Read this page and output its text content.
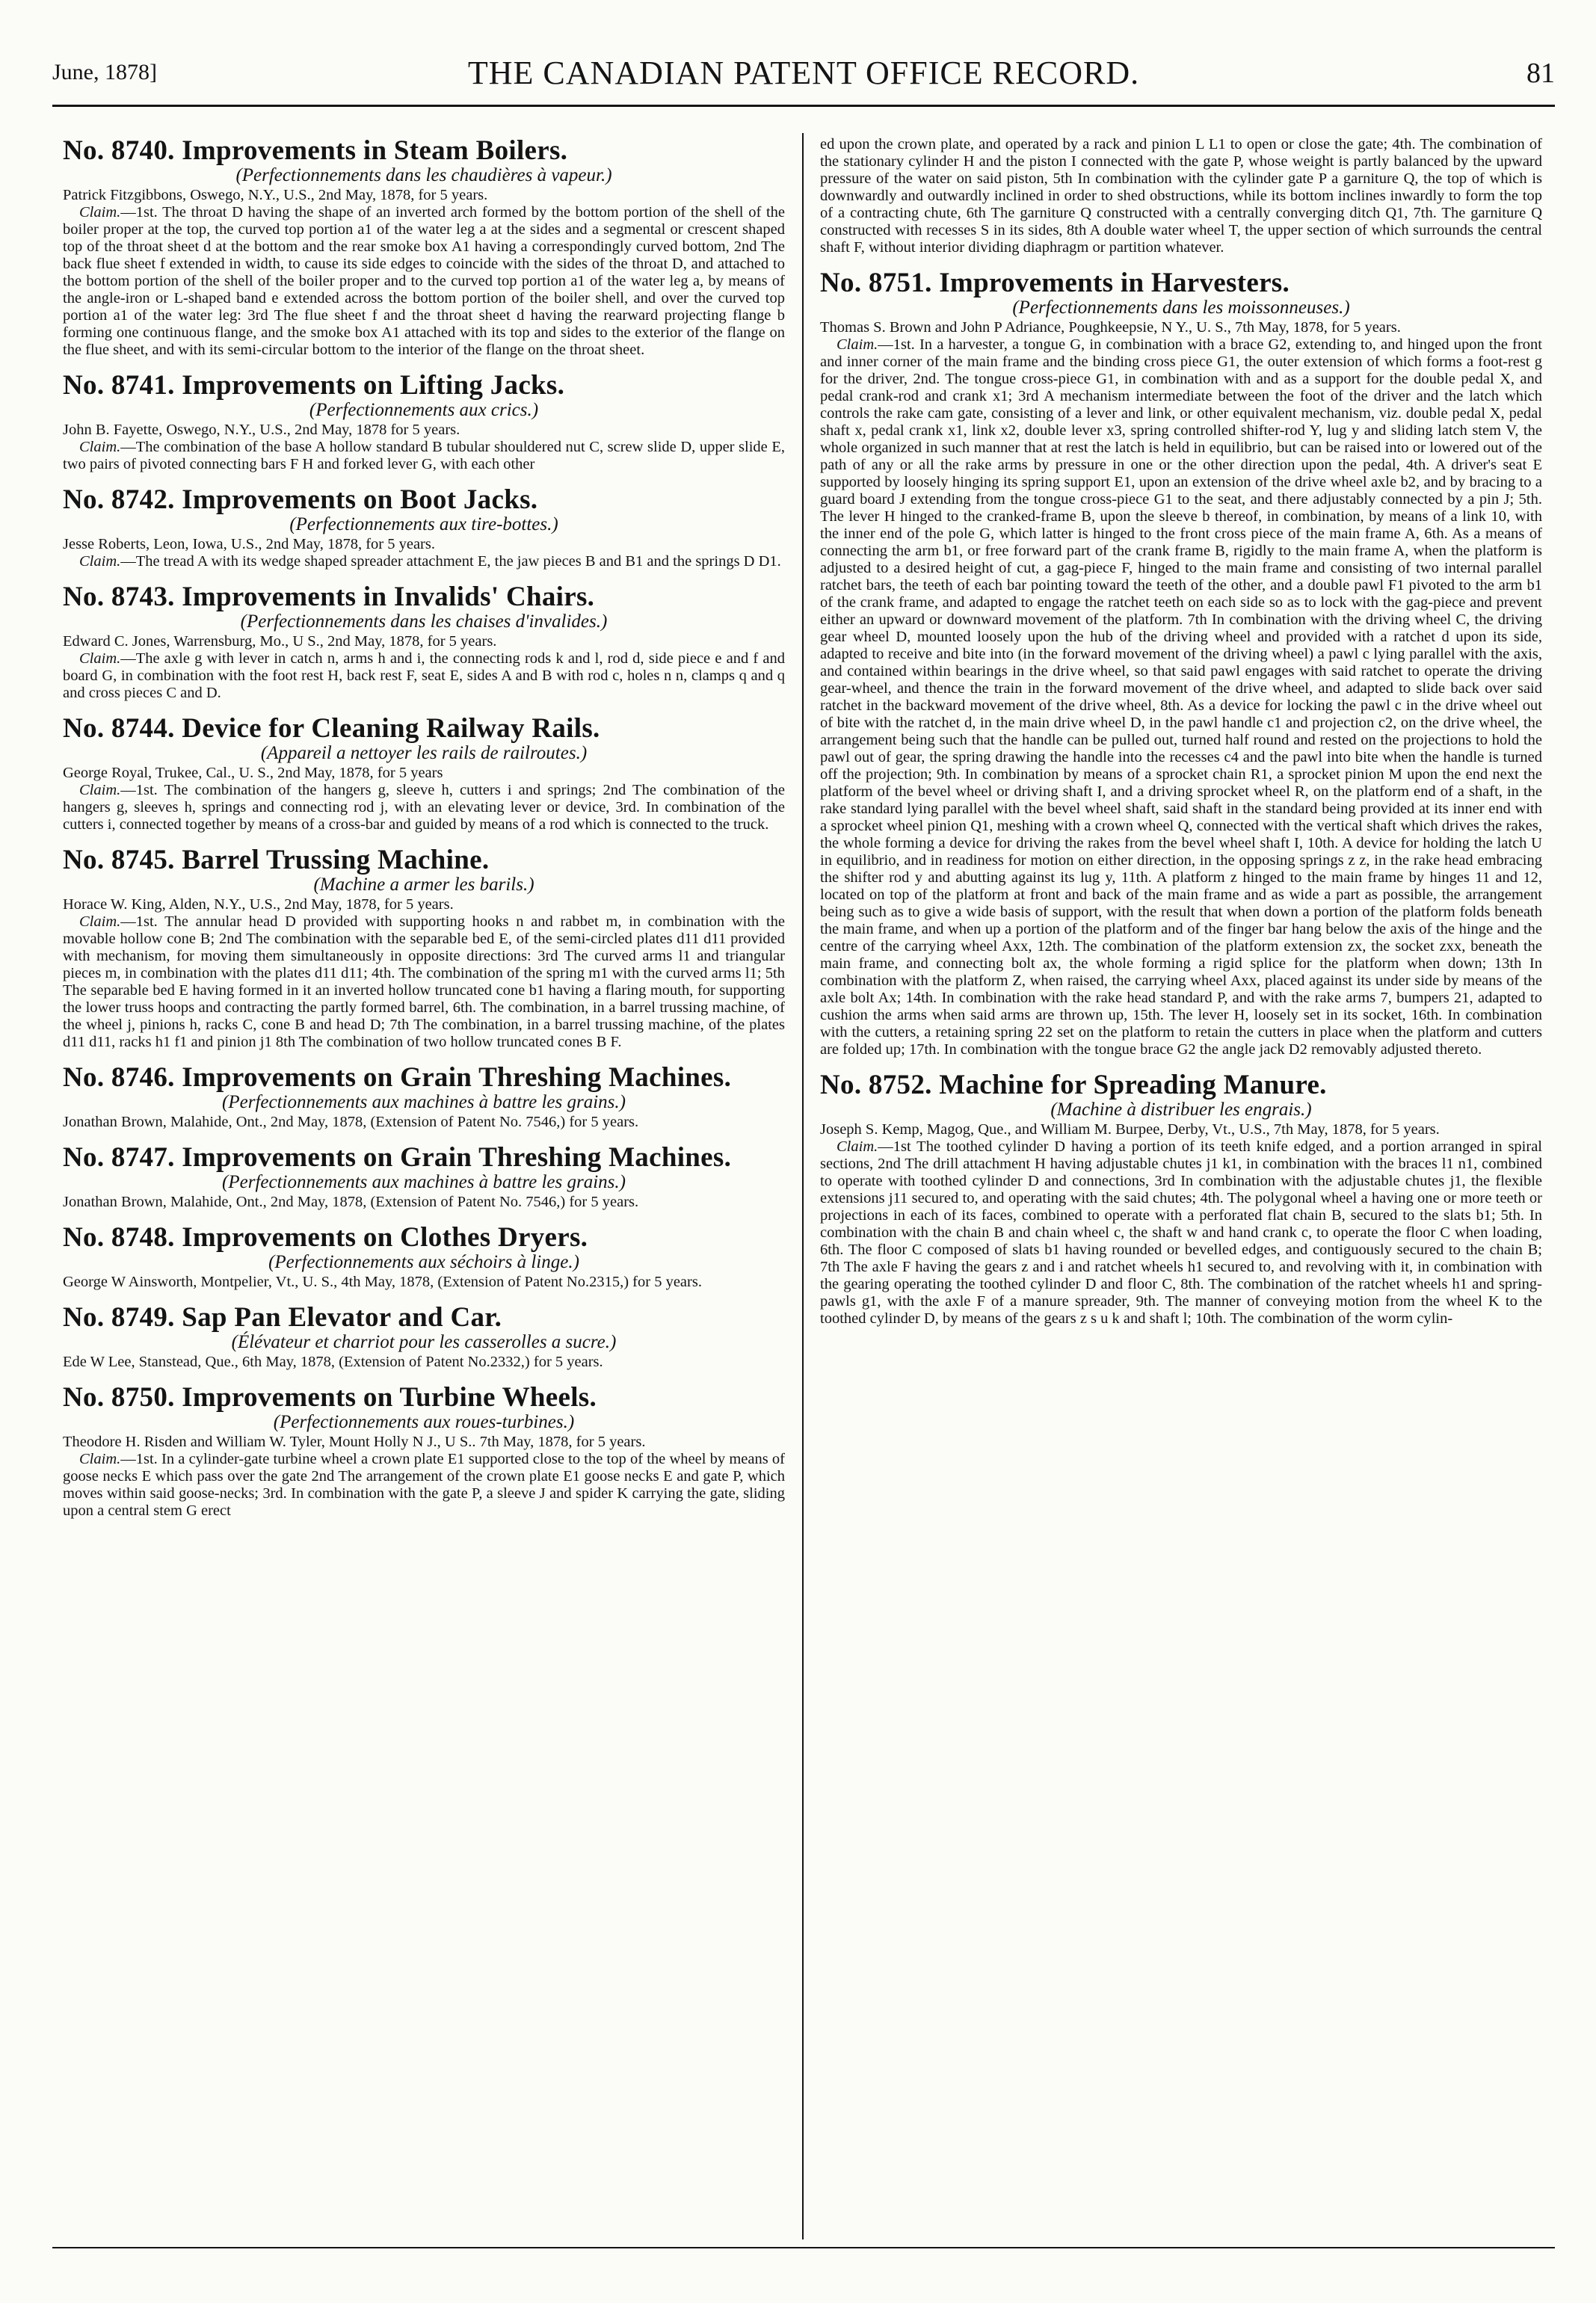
June, 1878]	THE CANADIAN PATENT OFFICE RECORD.	81
No. 8740. Improvements in Steam Boilers.
(Perfectionnements dans les chaudières à vapeur.)
Patrick Fitzgibbons, Oswego, N.Y., U.S., 2nd May, 1878, for 5 years.
Claim.—1st. The throat D having the shape of an inverted arch formed by the bottom portion of the shell of the boiler proper at the top, the curved top portion a1 of the water leg a at the sides and a segmental or crescent shaped top of the throat sheet d at the bottom and the rear smoke box A1 having a correspondingly curved bottom, 2nd The back flue sheet f extended in width, to cause its side edges to coincide with the sides of the throat D, and attached to the bottom portion of the shell of the boiler proper and to the curved top portion a1 of the water leg a, by means of the angle-iron or L-shaped band e extended across the bottom portion of the boiler shell, and over the curved top portion a1 of the water leg: 3rd The flue sheet f and the throat sheet d having the rearward projecting flange b forming one continuous flange, and the smoke box A1 attached with its top and sides to the exterior of the flange on the flue sheet, and with its semi-circular bottom to the interior of the flange on the throat sheet.
No. 8741. Improvements on Lifting Jacks.
(Perfectionnements aux crics.)
John B. Fayette, Oswego, N.Y., U.S., 2nd May, 1878 for 5 years.
Claim.—The combination of the base A hollow standard B tubular shouldered nut C, screw slide D, upper slide E, two pairs of pivoted connecting bars F H and forked lever G, with each other
No. 8742. Improvements on Boot Jacks.
(Perfectionnements aux tire-bottes.)
Jesse Roberts, Leon, Iowa, U.S., 2nd May, 1878, for 5 years.
Claim.—The tread A with its wedge shaped spreader attachment E, the jaw pieces B and B1 and the springs D D1.
No. 8743. Improvements in Invalids' Chairs.
(Perfectionnements dans les chaises d'invalides.)
Edward C. Jones, Warrensburg, Mo., U S., 2nd May, 1878, for 5 years.
Claim.—The axle g with lever in catch n, arms h and i, the connecting rods k and l, rod d, side piece e and f and board G, in combination with the foot rest H, back rest F, seat E, sides A and B with rod c, holes n n, clamps q and q and cross pieces C and D.
No. 8744. Device for Cleaning Railway Rails.
(Appareil a nettoyer les rails de railroutes.)
George Royal, Trukee, Cal., U. S., 2nd May, 1878, for 5 years
Claim.—1st. The combination of the hangers g, sleeve h, cutters i and springs; 2nd The combination of the hangers g, sleeves h, springs and connecting rod j, with an elevating lever or device, 3rd. In combination of the cutters i, connected together by means of a cross-bar and guided by means of a rod which is connected to the truck.
No. 8745. Barrel Trussing Machine.
(Machine a armer les barils.)
Horace W. King, Alden, N.Y., U.S., 2nd May, 1878, for 5 years.
Claim.—1st. The annular head D provided with supporting hooks n and rabbet m, in combination with the movable hollow cone B; 2nd The combination with the separable bed E, of the semi-circled plates d11 d11 provided with mechanism, for moving them simultaneously in opposite directions: 3rd The curved arms l1 and triangular pieces m, in combination with the plates d11 d11; 4th. The combination of the spring m1 with the curved arms l1; 5th The separable bed E having formed in it an inverted hollow truncated cone b1 having a flaring mouth, for supporting the lower truss hoops and contracting the partly formed barrel, 6th. The combination, in a barrel trussing machine, of the wheel j, pinions h, racks C, cone B and head D; 7th The combination, in a barrel trussing machine, of the plates d11 d11, racks h1 f1 and pinion j1 8th The combination of two hollow truncated cones B F.
No. 8746. Improvements on Grain Threshing Machines.
(Perfectionnements aux machines à battre les grains.)
Jonathan Brown, Malahide, Ont., 2nd May, 1878, (Extension of Patent No. 7546,) for 5 years.
No. 8747. Improvements on Grain Threshing Machines.
(Perfectionnements aux machines à battre les grains.)
Jonathan Brown, Malahide, Ont., 2nd May, 1878, (Extension of Patent No. 7546,) for 5 years.
No. 8748. Improvements on Clothes Dryers.
(Perfectionnements aux séchoirs à linge.)
George W Ainsworth, Montpelier, Vt., U. S., 4th May, 1878, (Extension of Patent No.2315,) for 5 years.
No. 8749. Sap Pan Elevator and Car.
(Élévateur et charriot pour les casserolles a sucre.)
Ede W Lee, Stanstead, Que., 6th May, 1878, (Extension of Patent No.2332,) for 5 years.
No. 8750. Improvements on Turbine Wheels.
(Perfectionnements aux roues-turbines.)
Theodore H. Risden and William W. Tyler, Mount Holly N J., U S.. 7th May, 1878, for 5 years.
Claim.—1st. In a cylinder-gate turbine wheel a crown plate E1 supported close to the top of the wheel by means of goose necks E which pass over the gate 2nd The arrangement of the crown plate E1 goose necks E and gate P, which moves within said goose-necks; 3rd. In combination with the gate P, a sleeve J and spider K carrying the gate, sliding upon a central stem G erect
ed upon the crown plate, and operated by a rack and pinion L L1 to open or close the gate; 4th. The combination of the stationary cylinder H and the piston I connected with the gate P, whose weight is partly balanced by the upward pressure of the water on said piston, 5th In combination with the cylinder gate P a garniture Q, the top of which is downwardly and outwardly inclined in order to shed obstructions, while its bottom inclines inwardly to form the top of a contracting chute, 6th The garniture Q constructed with a centrally converging ditch Q1, 7th. The garniture Q constructed with recesses S in its sides, 8th A double water wheel T, the upper section of which surrounds the central shaft F, without interior dividing diaphragm or partition whatever.
No. 8751. Improvements in Harvesters.
(Perfectionnements dans les moissonneuses.)
Thomas S. Brown and John P Adriance, Poughkeepsie, N Y., U. S., 7th May, 1878, for 5 years.
Claim.—1st. In a harvester, a tongue G, in combination with a brace G2, extending to, and hinged upon the front and inner corner of the main frame and the binding cross piece G1, the outer extension of which forms a foot-rest g for the driver, 2nd. The tongue cross-piece G1, in combination with and as a support for the double pedal X, and pedal crank-rod and crank x1; 3rd A mechanism intermediate between the foot of the driver and the latch which controls the rake cam gate, consisting of a lever and link, or other equivalent mechanism, viz. double pedal X, pedal shaft x, pedal crank x1, link x2, double lever x3, spring controlled shifter-rod Y, lug y and sliding latch stem V, the whole organized in such manner that at rest the latch is held in equilibrio, but can be raised into or lowered out of the path of any or all the rake arms by pressure in one or the other direction upon the pedal, 4th. A driver's seat E supported by loosely hinging its spring support E1, upon an extension of the drive wheel axle b2, and by bracing to a guard board J extending from the tongue cross-piece G1 to the seat, and there adjustably connected by a pin J; 5th. The lever H hinged to the cranked-frame B, upon the sleeve b thereof, in combination, by means of a link 10, with the inner end of the pole G, which latter is hinged to the front cross piece of the main frame A, 6th. As a means of connecting the arm b1, or free forward part of the crank frame B, rigidly to the main frame A, when the platform is adjusted to a desired height of cut, a gag-piece F, hinged to the main frame and consisting of two internal parallel ratchet bars, the teeth of each bar pointing toward the teeth of the other, and a double pawl F1 pivoted to the arm b1 of the crank frame, and adapted to engage the ratchet teeth on each side so as to lock with the gag-piece and prevent either an upward or downward movement of the platform. 7th In combination with the driving wheel C, the driving gear wheel D, mounted loosely upon the hub of the driving wheel and provided with a ratchet d upon its side, adapted to receive and bite into (in the forward movement of the driving wheel) a pawl c lying parallel with the axis, and contained within bearings in the drive wheel, so that said pawl engages with said ratchet to operate the driving gear-wheel, and thence the train in the forward movement of the drive wheel, and adapted to slide back over said ratchet in the backward movement of the drive wheel, 8th. As a device for locking the pawl c in the drive wheel out of bite with the ratchet d, in the main drive wheel D, in the pawl handle c1 and projection c2, on the drive wheel, the arrangement being such that the handle can be pulled out, turned half round and rested on the projections to hold the pawl out of gear, the spring drawing the handle into the recesses c4 and the pawl into bite when the handle is turned off the projection; 9th. In combination by means of a sprocket chain R1, a sprocket pinion M upon the end next the platform of the bevel wheel or driving shaft I, and a driving sprocket wheel R, on the platform end of a shaft, in the rake standard lying parallel with the bevel wheel shaft, said shaft in the standard being provided at its inner end with a sprocket wheel pinion Q1, meshing with a crown wheel Q, connected with the vertical shaft which drives the rakes, the whole forming a device for driving the rakes from the bevel wheel shaft I, 10th. A device for holding the latch U in equilibrio, and in readiness for motion on either direction, in the opposing springs z z, in the rake head embracing the shifter rod y and abutting against its lug y, 11th. A platform z hinged to the main frame by hinges 11 and 12, located on top of the platform at front and back of the main frame and as wide a part as possible, the arrangement being such as to give a wide basis of support, with the result that when down a portion of the platform folds beneath the main frame, and when up a portion of the platform and of the finger bar hang below the axis of the hinge and the centre of the carrying wheel Axx, 12th. The combination of the platform extension zx, the socket zxx, beneath the main frame, and connecting bolt ax, the whole forming a rigid splice for the platform when down; 13th In combination with the platform Z, when raised, the carrying wheel Axx, placed against its under side by means of the axle bolt Ax; 14th. In combination with the rake head standard P, and with the rake arms 7, bumpers 21, adapted to cushion the arms when said arms are thrown up, 15th. The lever H, loosely set in its socket, 16th. In combination with the cutters, a retaining spring 22 set on the platform to retain the cutters in place when the platform and cutters are folded up; 17th. In combination with the tongue brace G2 the angle jack D2 removably adjusted thereto.
No. 8752. Machine for Spreading Manure.
(Machine à distribuer les engrais.)
Joseph S. Kemp, Magog, Que., and William M. Burpee, Derby, Vt., U.S., 7th May, 1878, for 5 years.
Claim.—1st The toothed cylinder D having a portion of its teeth knife edged, and a portion arranged in spiral sections, 2nd The drill attachment H having adjustable chutes j1 k1, in combination with the braces l1 n1, combined to operate with toothed cylinder D and connections, 3rd In combination with the adjustable chutes j1, the flexible extensions j11 secured to, and operating with the said chutes; 4th. The polygonal wheel a having one or more teeth or projections in each of its faces, combined to operate with a perforated flat chain B, secured to the slats b1; 5th. In combination with the chain B and chain wheel c, the shaft w and hand crank c, to operate the floor C when loading, 6th. The floor C composed of slats b1 having rounded or bevelled edges, and contiguously secured to the chain B; 7th The axle F having the gears z and i and ratchet wheels h1 secured to, and revolving with it, in combination with the gearing operating the toothed cylinder D and floor C, 8th. The combination of the ratchet wheels h1 and spring-pawls g1, with the axle F of a manure spreader, 9th. The manner of conveying motion from the wheel K to the toothed cylinder D, by means of the gears z s u k and shaft l; 10th. The combination of the worm cylin-
